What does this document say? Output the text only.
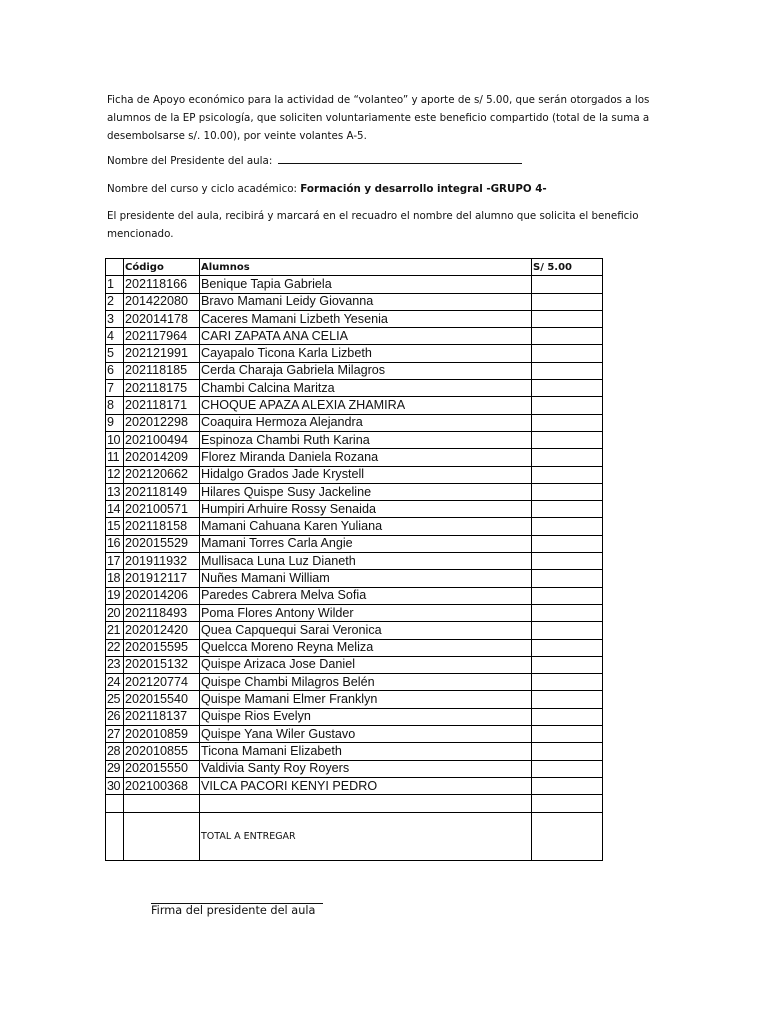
Ficha de Apoyo económico para la actividad de “volanteo” y aporte de s/ 5.00, que serán otorgados a los alumnos de la EP psicología, que soliciten voluntariamente este beneficio compartido (total de la suma a desembolsarse s/. 10.00), por veinte volantes A-5.
Nombre del Presidente del aula:
Nombre del curso y ciclo académico: Formación y desarrollo integral -GRUPO 4-
El presidente del aula, recibirá y marcará en el recuadro el nombre del alumno que solicita el beneficio mencionado.
	Código	Alumnos	S/ 5.00
1	202118166	Benique Tapia Gabriela	
2	201422080	Bravo Mamani Leidy Giovanna	
3	202014178	Caceres Mamani Lizbeth Yesenia	
4	202117964	CARI ZAPATA ANA CELIA	
5	202121991	Cayapalo Ticona Karla Lizbeth	
6	202118185	Cerda Charaja Gabriela Milagros	
7	202118175	Chambi Calcina Maritza	
8	202118171	CHOQUE APAZA ALEXIA ZHAMIRA	
9	202012298	Coaquira Hermoza Alejandra	
10	202100494	Espinoza Chambi Ruth Karina	
11	202014209	Florez Miranda Daniela Rozana	
12	202120662	Hidalgo Grados Jade Krystell	
13	202118149	Hilares Quispe Susy Jackeline	
14	202100571	Humpiri Arhuire Rossy Senaida	
15	202118158	Mamani Cahuana Karen Yuliana	
16	202015529	Mamani Torres Carla Angie	
17	201911932	Mullisaca Luna Luz Dianeth	
18	201912117	Nuñes Mamani William	
19	202014206	Paredes Cabrera Melva Sofia	
20	202118493	Poma Flores Antony Wilder	
21	202012420	Quea Capquequi Sarai Veronica	
22	202015595	Quelcca Moreno Reyna Meliza	
23	202015132	Quispe Arizaca Jose Daniel	
24	202120774	Quispe Chambi Milagros Belén	
25	202015540	Quispe Mamani Elmer Franklyn	
26	202118137	Quispe Rios Evelyn	
27	202010859	Quispe Yana Wiler Gustavo	
28	202010855	Ticona Mamani Elizabeth	
29	202015550	Valdivia Santy Roy Royers	
30	202100368	VILCA PACORI KENYI PEDRO	

		TOTAL A ENTREGAR	
Firma del presidente del aula
